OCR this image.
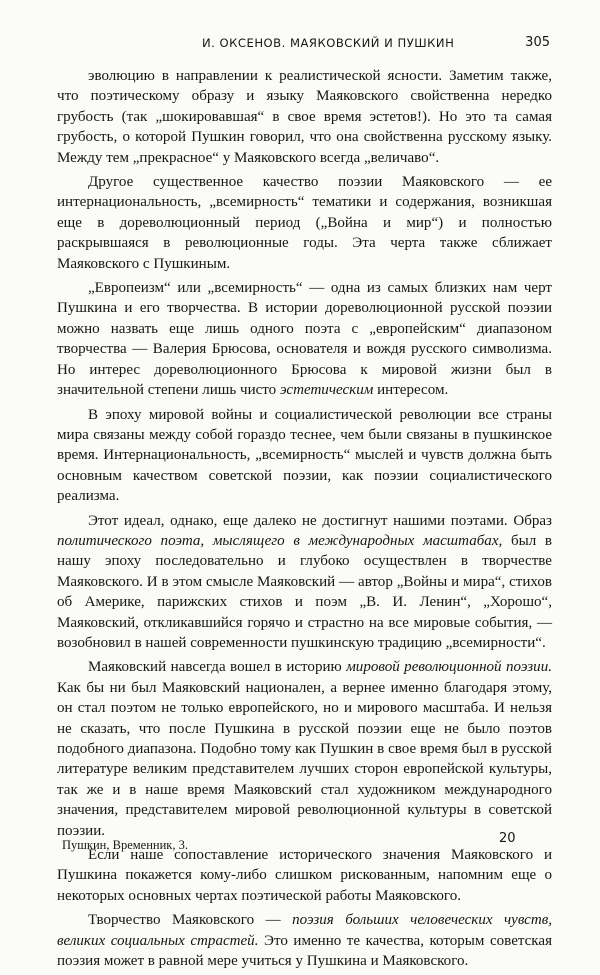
И. ОКСЕНОВ. МАЯКОВСКИЙ И ПУШКИН	305

эволюцию в направлении к реалистической ясности. Заметим также, что поэтическому образу и языку Маяковского свойственна нередко грубость (так „шокировавшая“ в свое время эстетов!). Но это та самая грубость, о которой Пушкин говорил, что она свойственна русскому языку. Между тем „прекрасное“ у Маяковского всегда „величаво“.

Другое существенное качество поэзии Маяковского — ее интернациональность, „всемирность“ тематики и содержания, возникшая еще в дореволюционный период („Война и мир“) и полностью раскрывшаяся в революционные годы. Эта черта также сближает Маяковского с Пушкиным.

„Европеизм“ или „всемирность“ — одна из самых близких нам черт Пушкина и его творчества. В истории дореволюционной русской поэзии можно назвать еще лишь одного поэта с „европейским“ диапазоном творчества — Валерия Брюсова, основателя и вождя русского символизма. Но интерес дореволюционного Брюсова к мировой жизни был в значительной степени лишь чисто эстетическим интересом.

В эпоху мировой войны и социалистической революции все страны мира связаны между собой гораздо теснее, чем были связаны в пушкинское время. Интернациональность, „всемирность“ мыслей и чувств должна быть основным качеством советской поэзии, как поэзии социалистического реализма.

Этот идеал, однако, еще далеко не достигнут нашими поэтами. Образ политического поэта, мыслящего в международных масштабах, был в нашу эпоху последовательно и глубоко осуществлен в творчестве Маяковского. И в этом смысле Маяковский — автор „Войны и мира“, стихов об Америке, парижских стихов и поэм „В. И. Ленин“, „Хорошо“, Маяковский, откликавшийся горячо и страстно на все мировые события, — возобновил в нашей современности пушкинскую традицию „всемирности“.

Маяковский навсегда вошел в историю мировой революционной поэзии. Как бы ни был Маяковский национален, а вернее именно благодаря этому, он стал поэтом не только европейского, но и мирового масштаба. И нельзя не сказать, что после Пушкина в русской поэзии еще не было поэтов подобного диапазона. Подобно тому как Пушкин в свое время был в русской литературе великим представителем лучших сторон европейской культуры, так же и в наше время Маяковский стал художником международного значения, представителем мировой революционной культуры в советской поэзии.

Если наше сопоставление исторического значения Маяковского и Пушкина покажется кому-либо слишком рискованным, напомним еще о некоторых основных чертах поэтической работы Маяковского.

Творчество Маяковского — поэзия больших человеческих чувств, великих социальных страстей. Это именно те качества, которым советская поэзия может в равной мере учиться у Пушкина и Маяковского.

Пушкин, Временник, 3.	20
